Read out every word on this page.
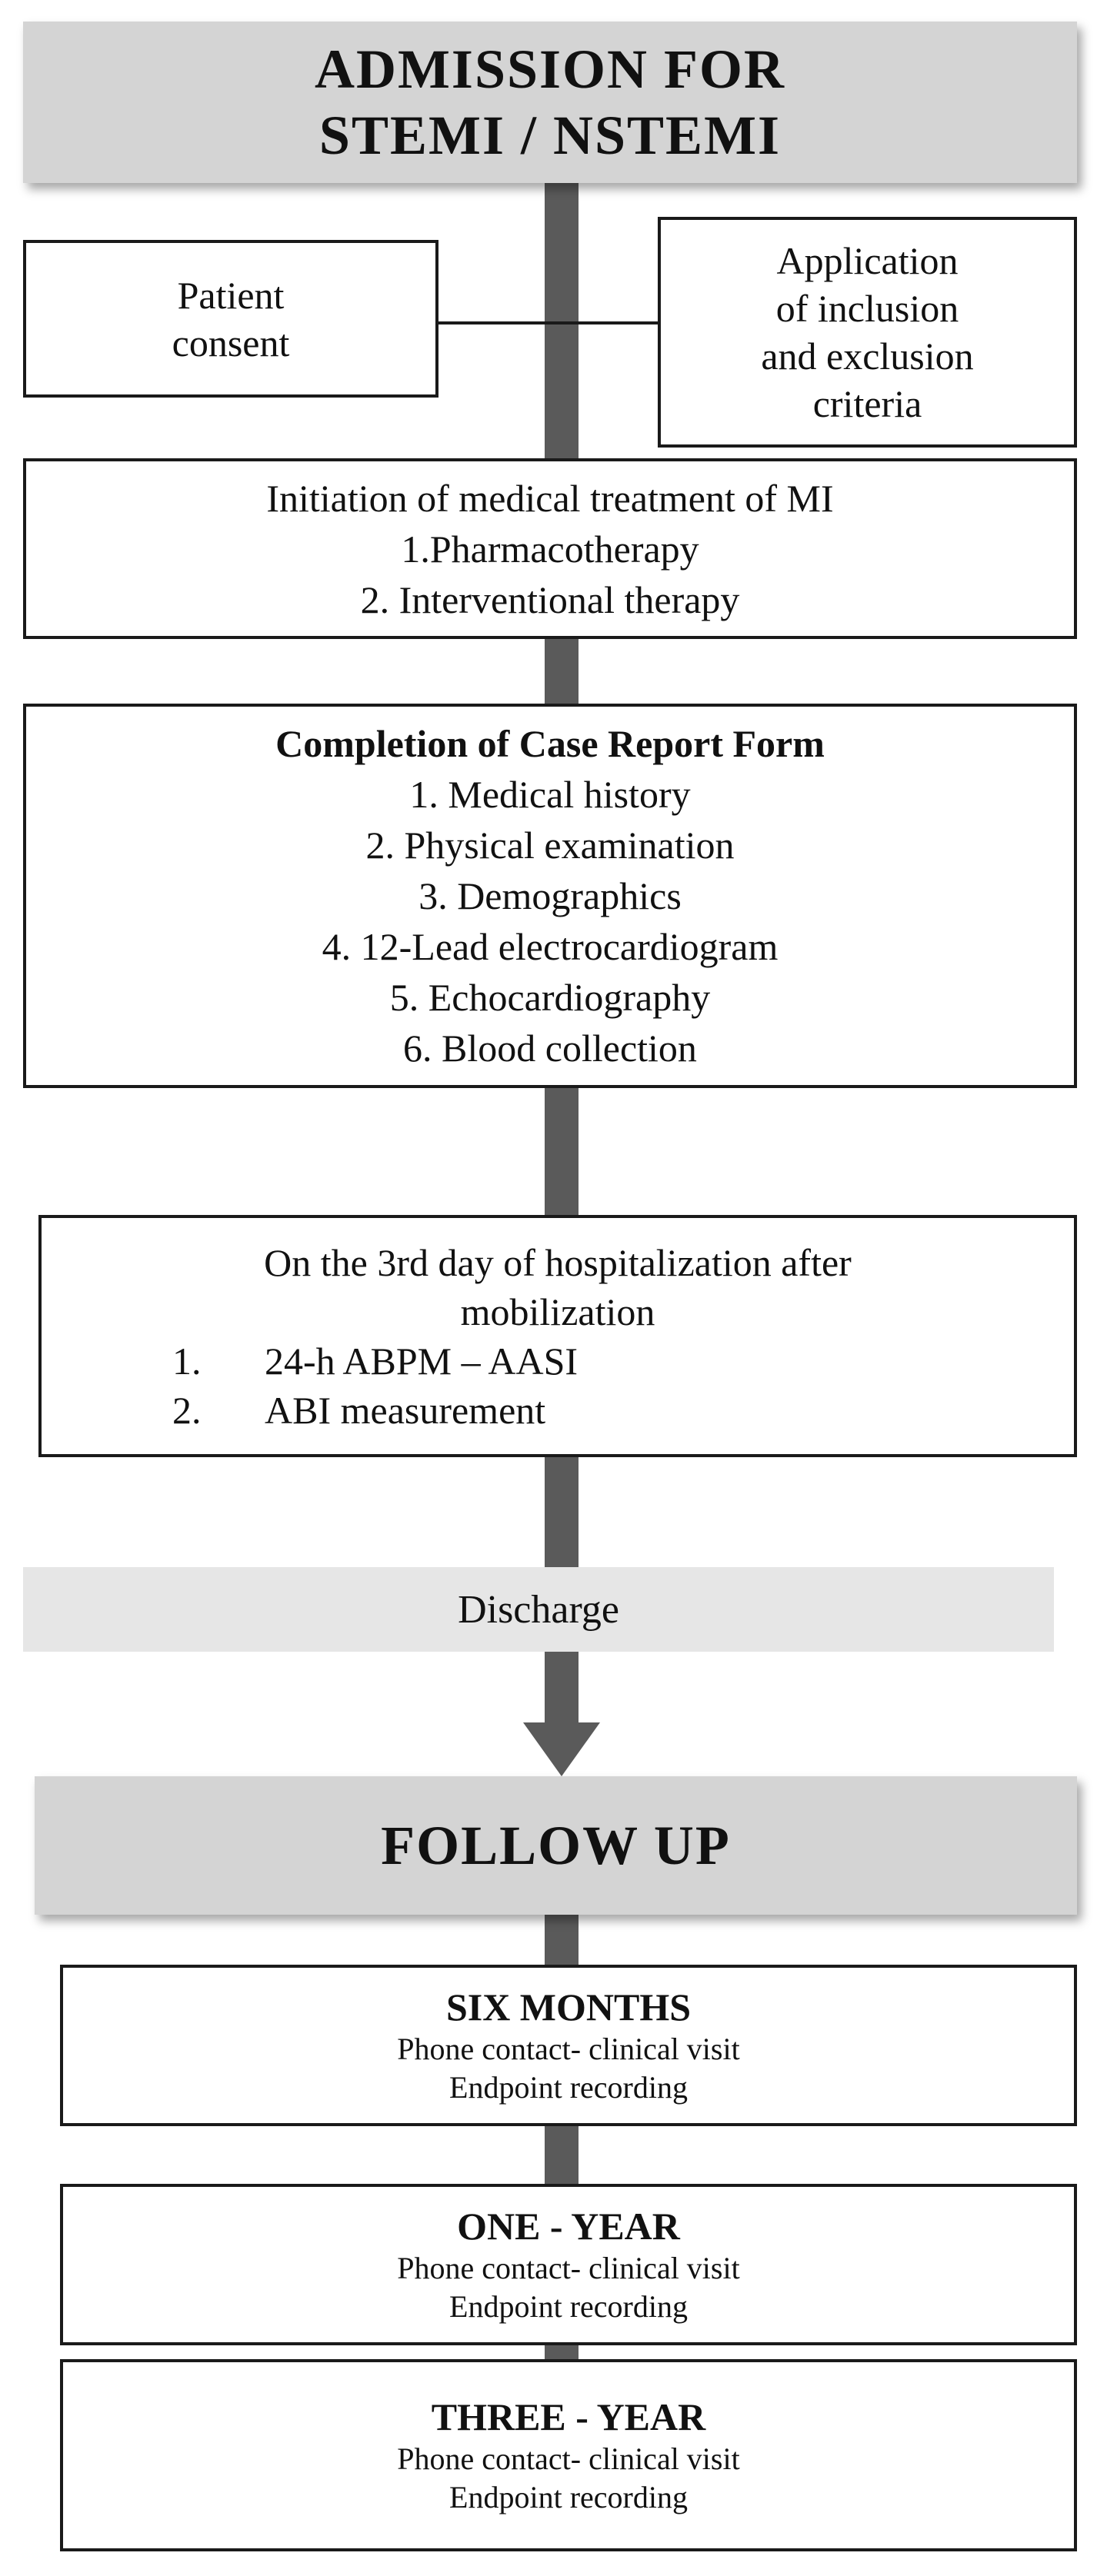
ADMISSION FOR
STEMI / NSTEMI
Patient
consent
Application
of inclusion
and exclusion
criteria
Initiation of medical treatment of MI
1.Pharmacotherapy
2. Interventional therapy
Completion of Case Report Form
1. Medical history
2. Physical examination
3. Demographics
4. 12-Lead electrocardiogram
5. Echocardiography
6. Blood collection
On the 3rd day of hospitalization after
mobilization
1. 24-h ABPM – AASI
2. ABI measurement
Discharge
FOLLOW UP
SIX MONTHS
Phone contact- clinical visit
Endpoint recording
ONE - YEAR
Phone contact- clinical visit
Endpoint recording
THREE - YEAR
Phone contact- clinical visit
Endpoint recording
